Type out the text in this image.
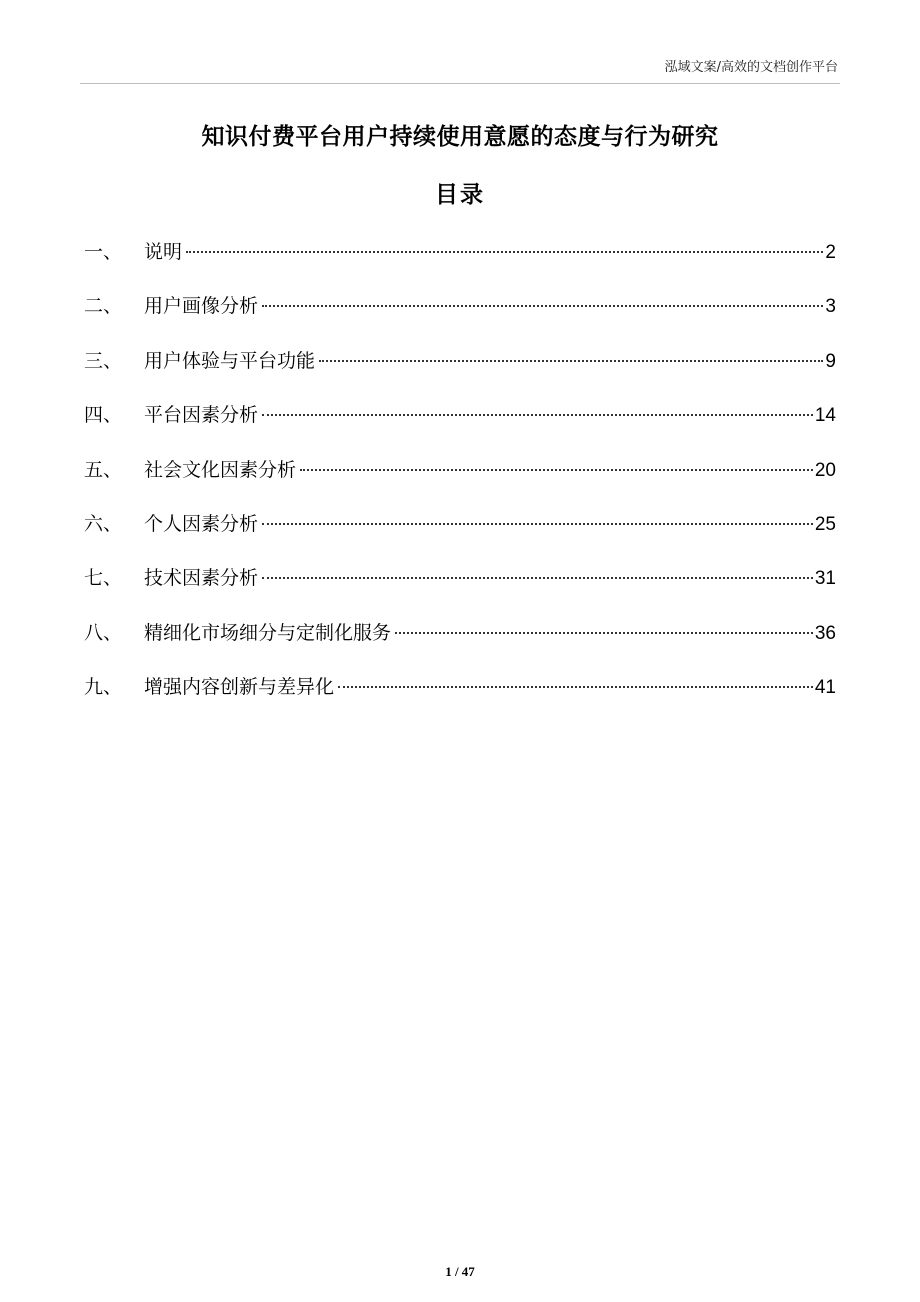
泓域文案/高效的文档创作平台
知识付费平台用户持续使用意愿的态度与行为研究
目录
一、	说明	2
二、	用户画像分析	3
三、	用户体验与平台功能	9
四、	平台因素分析	14
五、	社会文化因素分析	20
六、	个人因素分析	25
七、	技术因素分析	31
八、	精细化市场细分与定制化服务	36
九、	增强内容创新与差异化	41
1 / 47
